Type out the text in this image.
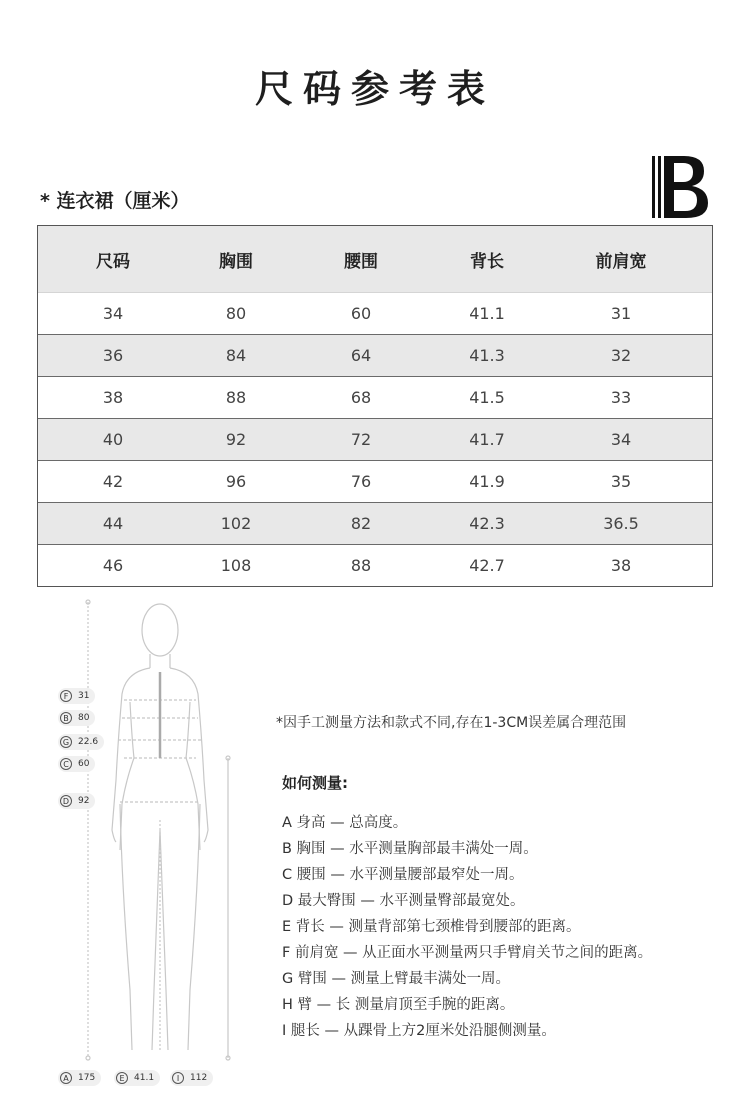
尺码参考表
* 连衣裙（厘米）
尺码	胸围	腰围	背长	前肩宽
34	80	60	41.1	31
36	84	64	41.3	32
38	88	68	41.5	33
40	92	72	41.7	34
42	96	76	41.9	35
44	102	82	42.3	36.5
46	108	88	42.7	38
F	31
B	80
G 22.6
C	60
D 92
A	175	E	41.1	I	112
*因手工测量方法和款式不同,存在1-3CM误差属合理范围
如何测量:
A 身高 — 总高度。
B 胸围 — 水平测量胸部最丰满处一周。
C 腰围 — 水平测量腰部最窄处一周。
D 最大臀围 — 水平测量臀部最宽处。
E 背长 — 测量背部第七颈椎骨到腰部的距离。
F 前肩宽 — 从正面水平测量两只手臂肩关节之间的距离。
G 臂围 — 测量上臂最丰满处一周。
H 臂 — 长 测量肩顶至手腕的距离。
I 腿长 — 从踝骨上方2厘米处沿腿侧测量。
